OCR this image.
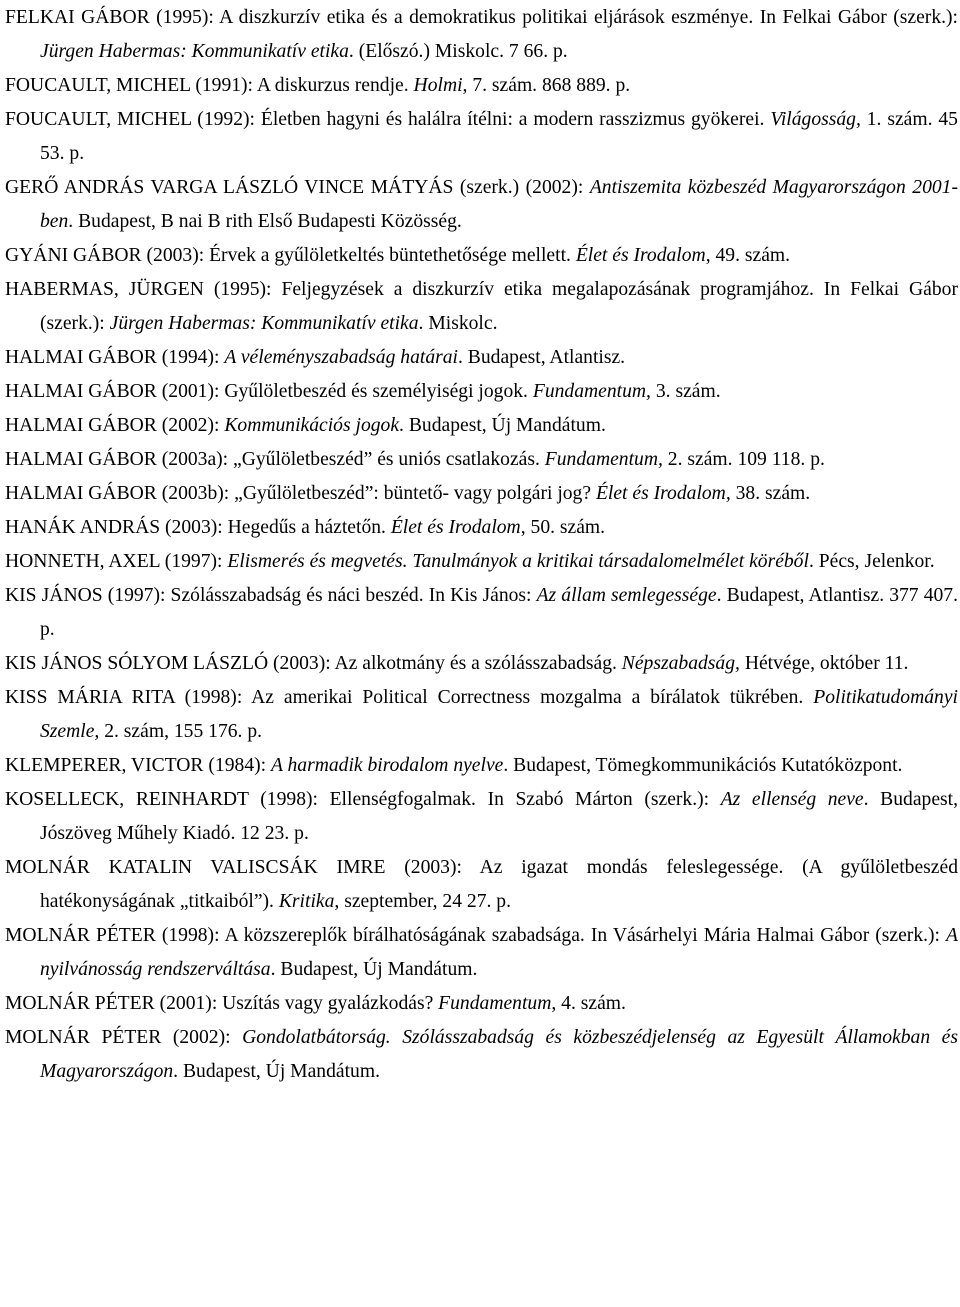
FELKAI GÁBOR (1995): A diszkurzív etika és a demokratikus politikai eljárások eszménye. In Felkai Gábor (szerk.): Jürgen Habermas: Kommunikatív etika. (Előszó.) Miskolc. 7 66. p.

FOUCAULT, MICHEL (1991): A diskurzus rendje. Holmi, 7. szám. 868 889. p.

FOUCAULT, MICHEL (1992): Életben hagyni és halálra ítélni: a modern rasszizmus gyökerei. Világosság, 1. szám. 45 53. p.

GERŐ ANDRÁS VARGA LÁSZLÓ VINCE MÁTYÁS (szerk.) (2002): Antiszemita közbeszéd Magyarországon 2001-ben. Budapest, B nai B rith Első Budapesti Közösség.

GYÁNI GÁBOR (2003): Érvek a gyűlöletkeltés büntethetősége mellett. Élet és Irodalom, 49. szám.

HABERMAS, JÜRGEN (1995): Feljegyzések a diszkurzív etika megalapozásának programjához. In Felkai Gábor (szerk.): Jürgen Habermas: Kommunikatív etika. Miskolc.

HALMAI GÁBOR (1994): A véleményszabadság határai. Budapest, Atlantisz.

HALMAI GÁBOR (2001): Gyűlöletbeszéd és személyiségi jogok. Fundamentum, 3. szám.

HALMAI GÁBOR (2002): Kommunikációs jogok. Budapest, Új Mandátum.

HALMAI GÁBOR (2003a): „Gyűlöletbeszéd” és uniós csatlakozás. Fundamentum, 2. szám. 109 118. p.

HALMAI GÁBOR (2003b): „Gyűlöletbeszéd”: büntető- vagy polgári jog? Élet és Irodalom, 38. szám.

HANÁK ANDRÁS (2003): Hegedűs a háztetőn. Élet és Irodalom, 50. szám.

HONNETH, AXEL (1997): Elismerés és megvetés. Tanulmányok a kritikai társadalomelmélet köréből. Pécs, Jelenkor.

KIS JÁNOS (1997): Szólásszabadság és náci beszéd. In Kis János: Az állam semlegessége. Budapest, Atlantisz. 377 407. p.

KIS JÁNOS SÓLYOM LÁSZLÓ (2003): Az alkotmány és a szólásszabadság. Népszabadság, Hétvége, október 11.

KISS MÁRIA RITA (1998): Az amerikai Political Correctness mozgalma a bírálatok tükrében. Politikatudományi Szemle, 2. szám, 155 176. p.

KLEMPERER, VICTOR (1984): A harmadik birodalom nyelve. Budapest, Tömegkommunikációs Kutatóközpont.

KOSELLECK, REINHARDT (1998): Ellenségfogalmak. In Szabó Márton (szerk.): Az ellenség neve. Budapest, Jószöveg Műhely Kiadó. 12 23. p.

MOLNÁR KATALIN VALISCSÁK IMRE (2003): Az igazat mondás feleslegessége. (A gyűlöletbeszéd hatékonyságának „titkaiból”). Kritika, szeptember, 24 27. p.

MOLNÁR PÉTER (1998): A közszereplők bírálhatóságának szabadsága. In Vásárhelyi Mária Halmai Gábor (szerk.): A nyilvánosság rendszerváltása. Budapest, Új Mandátum.

MOLNÁR PÉTER (2001): Uszítás vagy gyalázkodás? Fundamentum, 4. szám.

MOLNÁR PÉTER (2002): Gondolatbátorság. Szólásszabadság és közbeszédjelenség az Egyesült Államokban és Magyarországon. Budapest, Új Mandátum.
